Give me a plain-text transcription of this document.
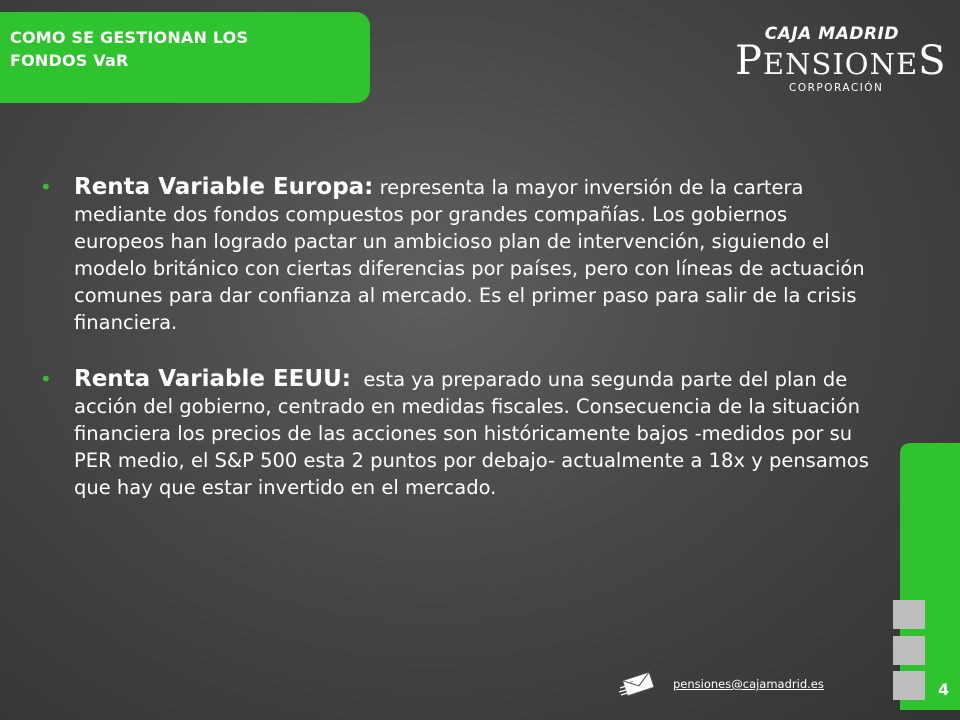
COMO SE GESTIONAN LOS
FONDOS VaR
CAJA MADRID
PENSIONES
CORPORACIÓN
• Renta Variable Europa: representa la mayor inversión de la cartera mediante dos fondos compuestos por grandes compañías. Los gobiernos europeos han logrado pactar un ambicioso plan de intervención, siguiendo el modelo británico con ciertas diferencias por países, pero con líneas de actuación comunes para dar confianza al mercado. Es el primer paso para salir de la crisis financiera.
• Renta Variable EEUU:  esta ya preparado una segunda parte del plan de acción del gobierno, centrado en medidas fiscales. Consecuencia de la situación financiera los precios de las acciones son históricamente bajos -medidos por su PER medio, el S&P 500 esta 2 puntos por debajo- actualmente a 18x y pensamos que hay que estar invertido en el mercado.
4
pensiones@cajamadrid.es
